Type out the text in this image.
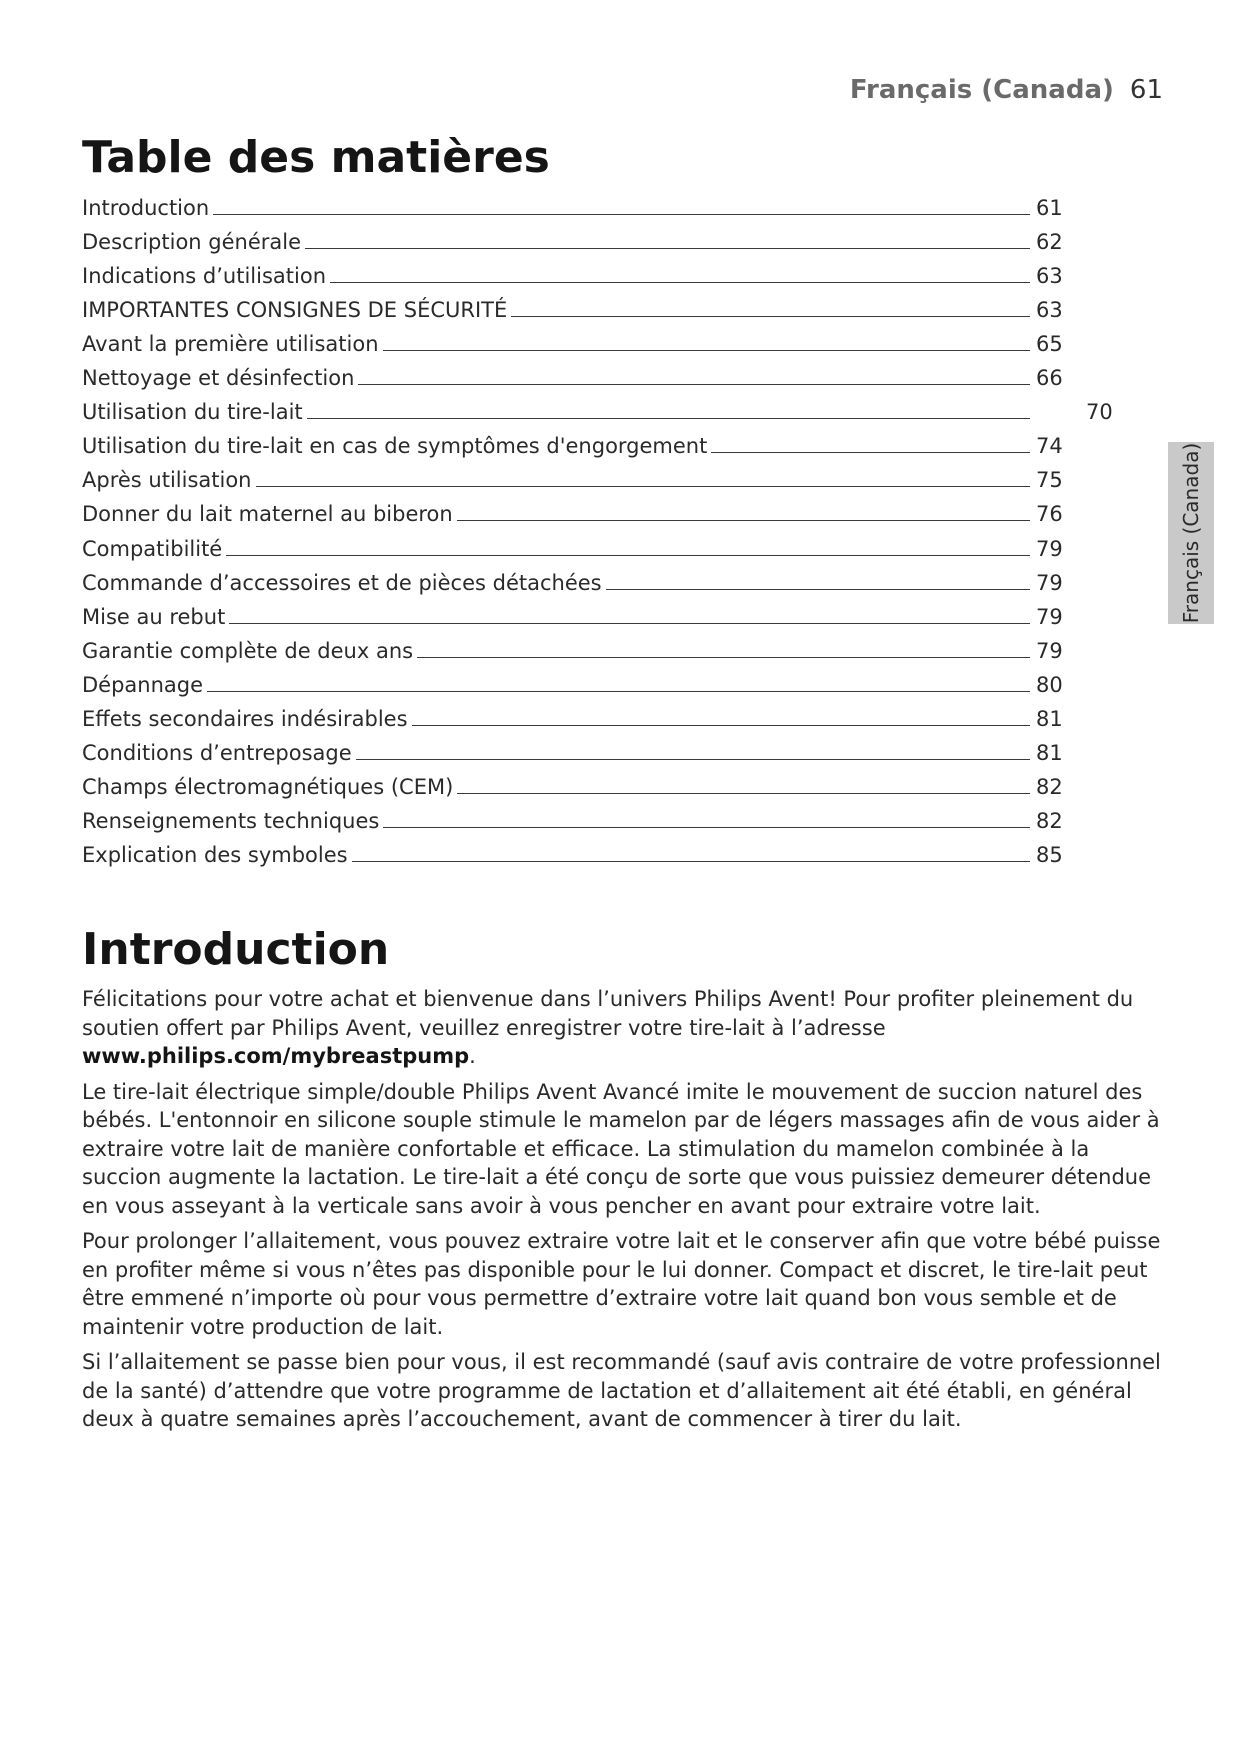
Français (Canada) 61
Français (Canada)
Table des matières
Introduction	61
Description générale	62
Indications d’utilisation	63
IMPORTANTES CONSIGNES DE SÉCURITÉ	63
Avant la première utilisation	65
Nettoyage et désinfection	66
Utilisation du tire-lait	70
Utilisation du tire-lait en cas de symptômes d'engorgement	74
Après utilisation	75
Donner du lait maternel au biberon	76
Compatibilité	79
Commande d’accessoires et de pièces détachées	79
Mise au rebut	79
Garantie complète de deux ans	79
Dépannage	80
Effets secondaires indésirables	81
Conditions d’entreposage	81
Champs électromagnétiques (CEM)	82
Renseignements techniques	82
Explication des symboles	85
Introduction

Félicitations pour votre achat et bienvenue dans l’univers Philips Avent! Pour profiter pleinement du soutien offert par Philips Avent, veuillez enregistrer votre tire-lait à l’adresse www.philips.com/mybreastpump.

Le tire-lait électrique simple/double Philips Avent Avancé imite le mouvement de succion naturel des bébés. L'entonnoir en silicone souple stimule le mamelon par de légers massages afin de vous aider à extraire votre lait de manière confortable et efficace. La stimulation du mamelon combinée à la succion augmente la lactation. Le tire-lait a été conçu de sorte que vous puissiez demeurer détendue en vous asseyant à la verticale sans avoir à vous pencher en avant pour extraire votre lait.

Pour prolonger l’allaitement, vous pouvez extraire votre lait et le conserver afin que votre bébé puisse en profiter même si vous n’êtes pas disponible pour le lui donner. Compact et discret, le tire-lait peut être emmené n’importe où pour vous permettre d’extraire votre lait quand bon vous semble et de maintenir votre production de lait.

Si l’allaitement se passe bien pour vous, il est recommandé (sauf avis contraire de votre professionnel de la santé) d’attendre que votre programme de lactation et d’allaitement ait été établi, en général deux à quatre semaines après l’accouchement, avant de commencer à tirer du lait.
